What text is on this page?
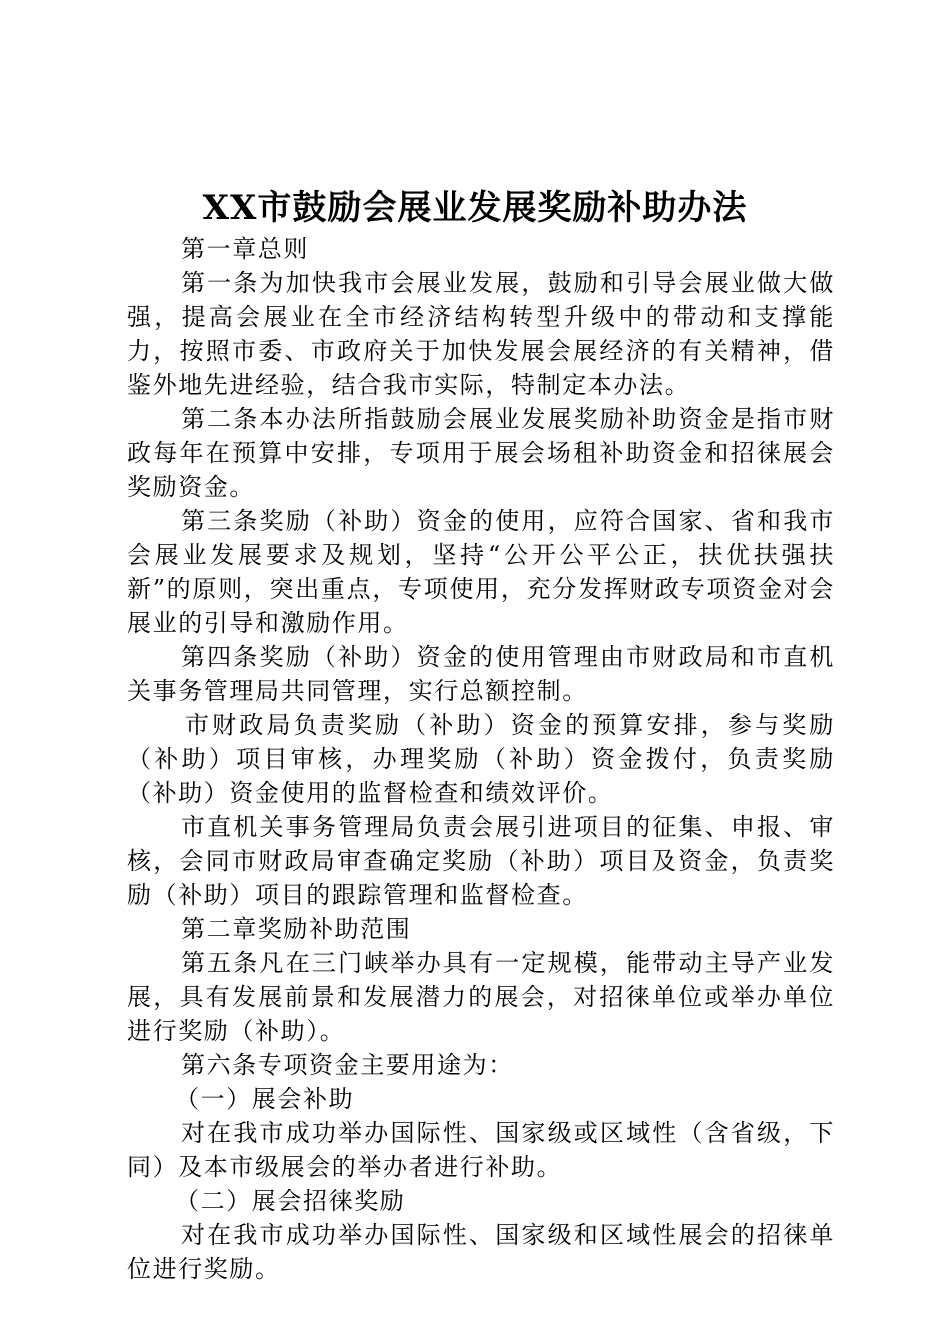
XX市鼓励会展业发展奖励补助办法

第一章总则

第一条为加快我市会展业发展，鼓励和引导会展业做大做强，提高会展业在全市经济结构转型升级中的带动和支撑能力，按照市委、市政府关于加快发展会展经济的有关精神，借鉴外地先进经验，结合我市实际，特制定本办法。

第二条本办法所指鼓励会展业发展奖励补助资金是指市财政每年在预算中安排，专项用于展会场租补助资金和招徕展会奖励资金。

第三条奖励（补助）资金的使用，应符合国家、省和我市会展业发展要求及规划，坚持“公开公平公正，扶优扶强扶新”的原则，突出重点，专项使用，充分发挥财政专项资金对会展业的引导和激励作用。

第四条奖励（补助）资金的使用管理由市财政局和市直机关事务管理局共同管理，实行总额控制。

市财政局负责奖励（补助）资金的预算安排，参与奖励（补助）项目审核，办理奖励（补助）资金拨付，负责奖励（补助）资金使用的监督检查和绩效评价。

市直机关事务管理局负责会展引进项目的征集、申报、审核，会同市财政局审查确定奖励（补助）项目及资金，负责奖励（补助）项目的跟踪管理和监督检查。

第二章奖励补助范围

第五条凡在三门峡举办具有一定规模，能带动主导产业发展，具有发展前景和发展潜力的展会，对招徕单位或举办单位进行奖励（补助）。

第六条专项资金主要用途为：

（一）展会补助

对在我市成功举办国际性、国家级或区域性（含省级，下同）及本市级展会的举办者进行补助。

（二）展会招徕奖励

对在我市成功举办国际性、国家级和区域性展会的招徕单位进行奖励。
